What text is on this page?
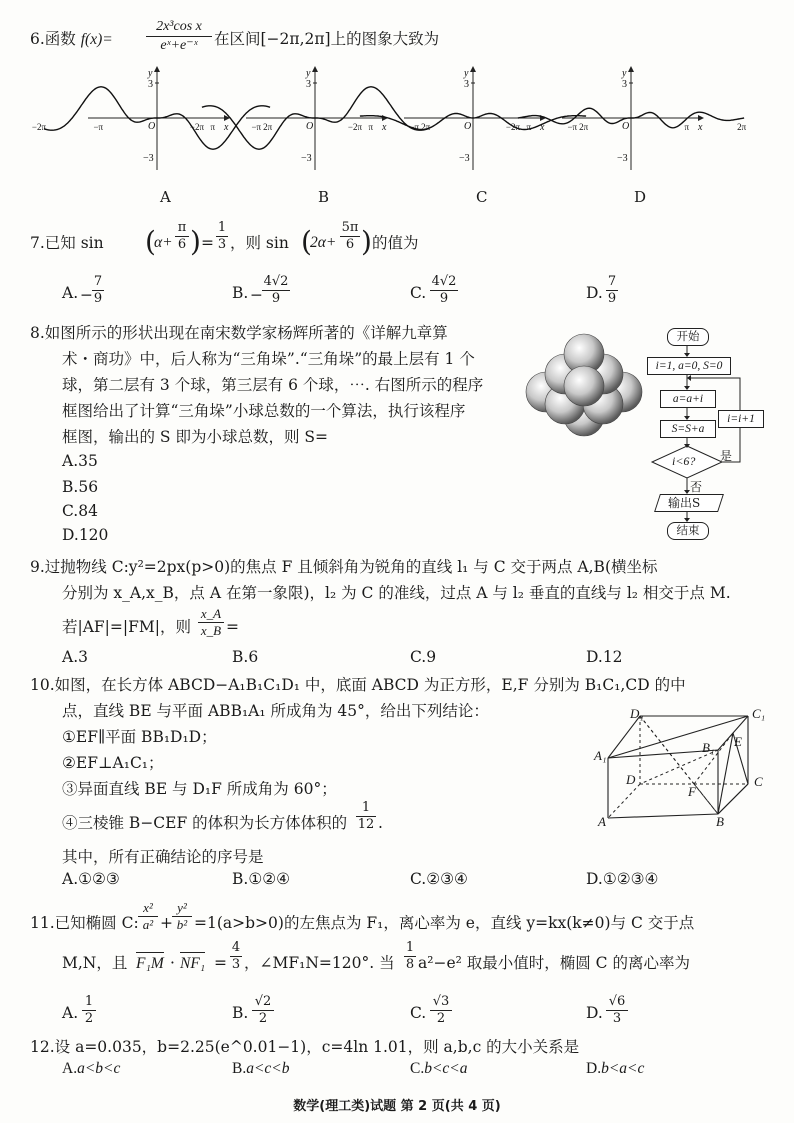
6.函数 $f(x)= \frac{\text{2x³cos x}}{\text{eˣ+e⁻ˣ}}$ 在区间[−2π,2π]上的图象大致为
y
x
3
−3
O
−2π	−π	π	2π
y
x
3
−3
O
−2π	−π	π	2π
y
x
3
−3
O
−2π	−π	π	2π
y
x
3
−3
O
−2π	−π	π	2π
A	B	C	D
7.已知 sin (
α+
π
6 ) =
1
3 ，则 sin (
2α+
5π
6 ) 的值为
A. −
7
9	B. −
4√2
9	C.
4√2
9	D.
7
9
8.如图所示的形状出现在南宋数学家杨辉所著的《详解九章算
术・商功》中，后人称为“三角垛”.“三角垛”的最上层有 1 个
球，第二层有 3 个球，第三层有 6 个球，⋯. 右图所示的程序
框图给出了计算“三角垛”小球总数的一个算法，执行该程序
框图，输出的 S 即为小球总数，则 S=
A.35
B.56
C.84
D.120
开始
i=1, a=0, S=0
a=a+i
S=S+a
i=i+1
i<6? 是
否
输出S
结束
9.过抛物线 C:y²=2px(p>0)的焦点 F 且倾斜角为锐角的直线 l₁ 与 C 交于两点 A,B(横坐标
分别为 x_A,x_B，点 A 在第一象限)，l₂ 为 C 的准线，过点 A 与 l₂ 垂直的直线与 l₂ 相交于点 M.
若|AF|=|FM|，则 $\frac{x\_A}{x\_B}$ =
A.3	B.6	C.9	D.12
10.如图，在长方体 ABCD−A₁B₁C₁D₁ 中，底面 ABCD 为正方形，E,F 分别为 B₁C₁,CD 的中
点，直线 BE 与平面 ABB₁A₁ 所成角为 45°，给出下列结论：
①EF∥平面 BB₁D₁D；
②EF⊥A₁C₁；
③异面直线 BE 与 D₁F 所成角为 60°；
④三棱锥 B−CEF 的体积为长方体体积的 $\frac{1}{12}$ .
其中，所有正确结论的序号是
A.①②③	B.①②④	C.②③④	D.①②③④
D₁	C₁
A₁
B₁ E
D
F
C
A	B
11.已知椭圆 C:
x²
a² +
y²
b² =1(a>b>0)的左焦点为 F₁，离心率为 e，直线 y=kx(k≠0)与 C 交于点
M,N，且 F₁M · NF₁ =
4
3 ，∠MF₁N=120°. 当
1
8 a²−e² 取最小值时，椭圆 C 的离心率为
A. $\frac{1}{2}$	B. $\frac{√2}{2}$	C. $\frac{√3}{2}$	D. $\frac{√6}{3}$
12.设 a=0.035，b=2.25(e^0.01−1)，c=4ln 1.01，则 a,b,c 的大小关系是
A.a<b<c	B.a<c<b	C.b<c<a	D.b<a<c
数学(理工类)试题 第 2 页(共 4 页)
